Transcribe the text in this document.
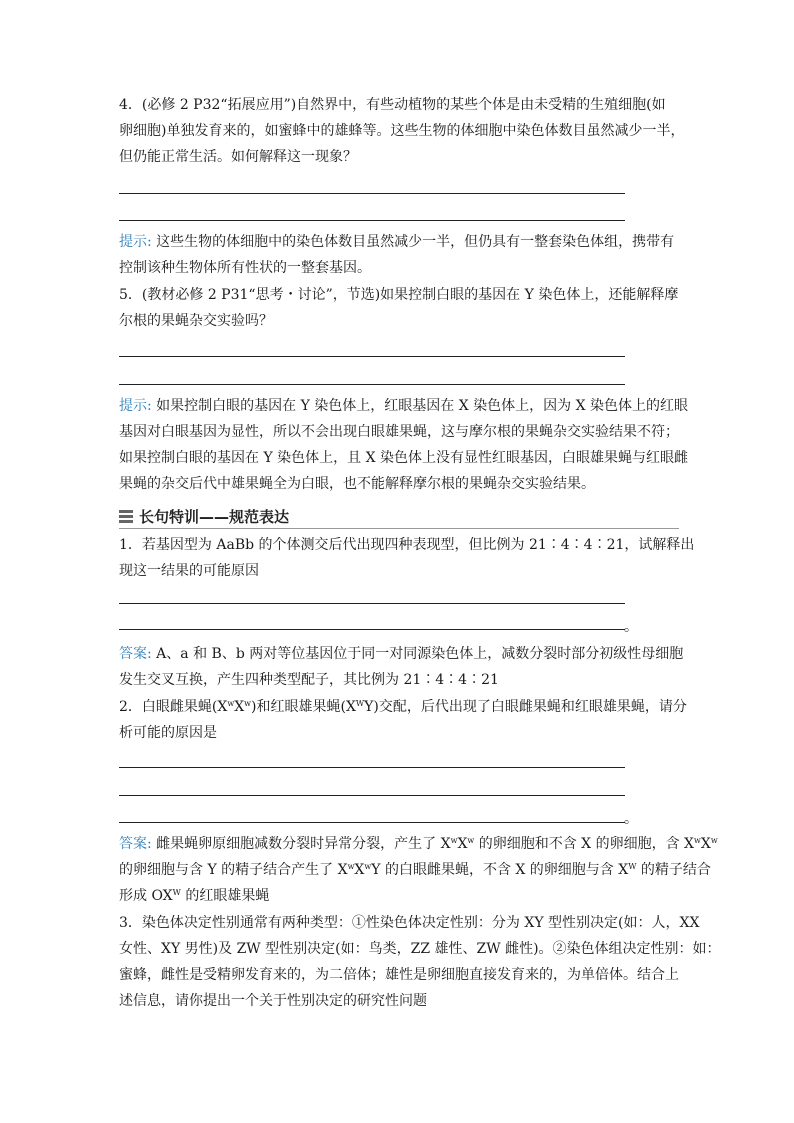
4．(必修 2 P32“拓展应用”)自然界中，有些动植物的某些个体是由未受精的生殖细胞(如
卵细胞)单独发育来的，如蜜蜂中的雄蜂等。这些生物的体细胞中染色体数目虽然减少一半，
但仍能正常生活。如何解释这一现象？
提示: 这些生物的体细胞中的染色体数目虽然减少一半，但仍具有一整套染色体组，携带有
控制该种生物体所有性状的一整套基因。
5．(教材必修 2 P31“思考・讨论”，节选)如果控制白眼的基因在 Y 染色体上，还能解释摩
尔根的果蝇杂交实验吗？
提示: 如果控制白眼的基因在 Y 染色体上，红眼基因在 X 染色体上，因为 X 染色体上的红眼
基因对白眼基因为显性，所以不会出现白眼雄果蝇，这与摩尔根的果蝇杂交实验结果不符；
如果控制白眼的基因在 Y 染色体上，且 X 染色体上没有显性红眼基因，白眼雄果蝇与红眼雌
果蝇的杂交后代中雄果蝇全为白眼，也不能解释摩尔根的果蝇杂交实验结果。
长句特训——规范表达
1．若基因型为 AaBb 的个体测交后代出现四种表现型，但比例为 21∶4∶4∶21，试解释出
现这一结果的可能原因
。
答案: A、a 和 B、b 两对等位基因位于同一对同源染色体上，减数分裂时部分初级性母细胞
发生交叉互换，产生四种类型配子，其比例为 21∶4∶4∶21
2．白眼雌果蝇$(X^wX^w)$和红眼雄果蝇$(X^WY)$交配，后代出现了白眼雌果蝇和红眼雄果蝇，请分
析可能的原因是
。
答案: 雌果蝇卵原细胞减数分裂时异常分裂，产生了 $X^wX^w$ 的卵细胞和不含 X 的卵细胞，含 $X^wX^w$
的卵细胞与含 Y 的精子结合产生了 $X^wX^wY$ 的白眼雌果蝇，不含 X 的卵细胞与含 $X^W$ 的精子结合
形成 $OX^W$ 的红眼雄果蝇
3．染色体决定性别通常有两种类型：①性染色体决定性别：分为 XY 型性别决定(如：人，XX
女性、XY 男性)及 ZW 型性别决定(如：鸟类，ZZ 雄性、ZW 雌性)。②染色体组决定性别：如：
蜜蜂，雌性是受精卵发育来的，为二倍体；雄性是卵细胞直接发育来的，为单倍体。结合上
述信息，请你提出一个关于性别决定的研究性问题
